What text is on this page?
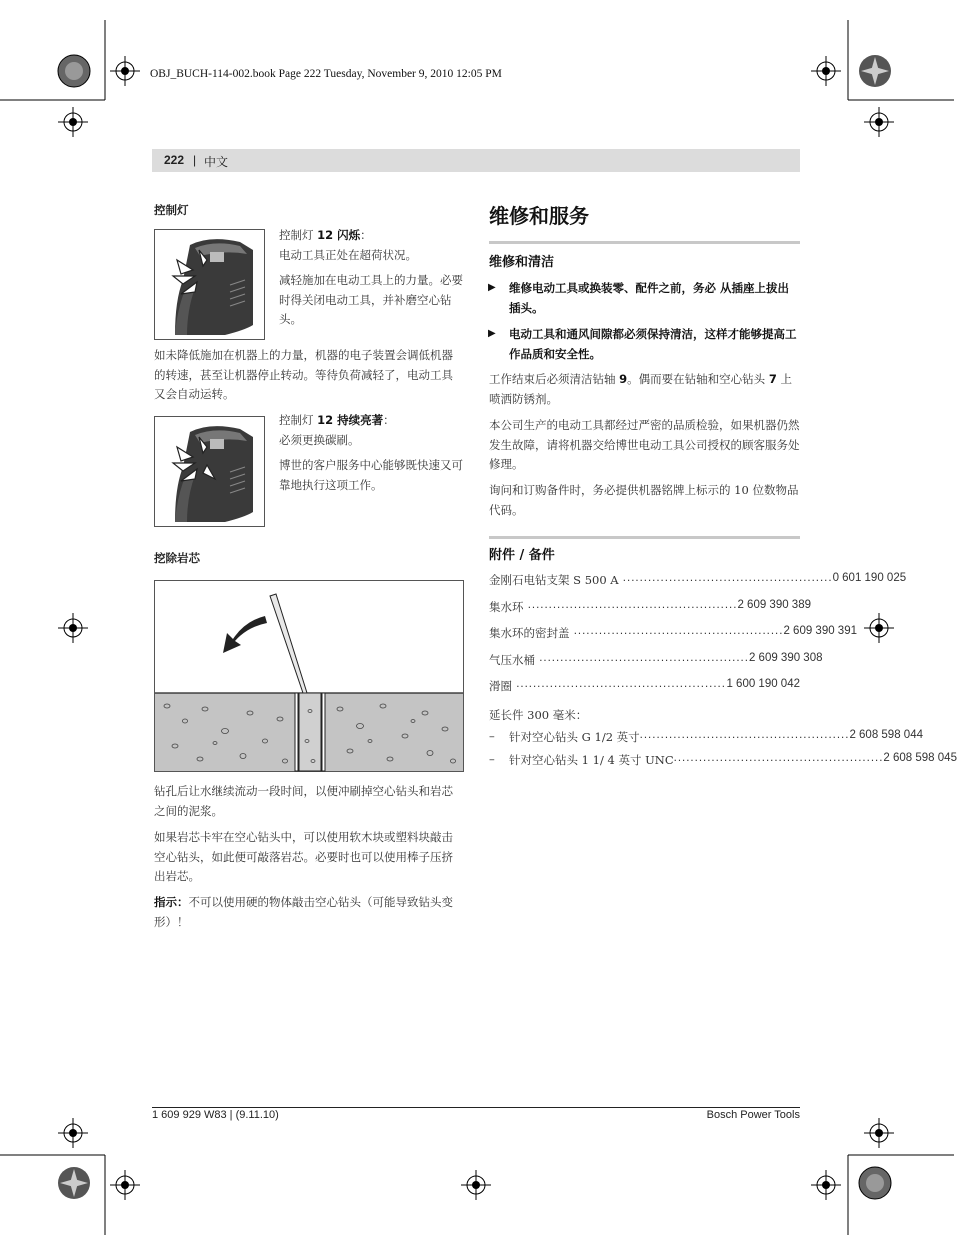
OBJ_BUCH-114-002.book Page 222 Tuesday, November 9, 2010 12:05 PM
222 | 中文
控制灯
控制灯 12 闪烁：
电动工具正处在超荷状况。
减轻施加在电动工具上的力量。必要时得关闭电动工具，并补磨空心钻头。
如未降低施加在机器上的力量，机器的电子装置会调低机器的转速，甚至让机器停止转动。等待负荷减轻了，电动工具又会自动运转。
控制灯 12 持续亮著：
必须更换碳刷。
博世的客户服务中心能够既快速又可靠地执行这项工作。
挖除岩芯
钻孔后让水继续流动一段时间，以便冲刷掉空心钻头和岩芯之间的泥浆。
如果岩芯卡牢在空心钻头中，可以使用软木块或塑料块敲击空心钻头，如此便可敲落岩芯。必要时也可以使用棒子压挤出岩芯。
指示：不可以使用硬的物体敲击空心钻头（可能导致钻头变形）！
维修和服务
维修和清洁
▶	维修电动工具或换装零、配件之前，务必 从插座上拔出插头。
▶	电动工具和通风间隙都必须保持清洁，这样才能够提高工作品质和安全性。
工作结束后必须清洁钻轴 9。偶而要在钻轴和空心钻头 7 上喷洒防锈剂。
本公司生产的电动工具都经过严密的品质检验，如果机器仍然发生故障，请将机器交给博世电动工具公司授权的顾客服务处修理。
询问和订购备件时，务必提供机器铭牌上标示的 10 位数物品代码。
附件 / 备件
金刚石电钻支架 S 500 A .................................................. 0 601 190 025
集水环 .................................................. 2 609 390 389
集水环的密封盖 .................................................. 2 609 390 391
气压水桶 .................................................. 2 609 390 308
滑圈 .................................................. 1 600 190 042
延长件 300 毫米：
–	针对空心钻头 G 1/2 英寸 .................................................. 2 608 598 044
–	针对空心钻头 1 1/ 4 英寸 UNC .................................................. 2 608 598 045
1 609 929 W83 | (9.11.10)	Bosch Power Tools
